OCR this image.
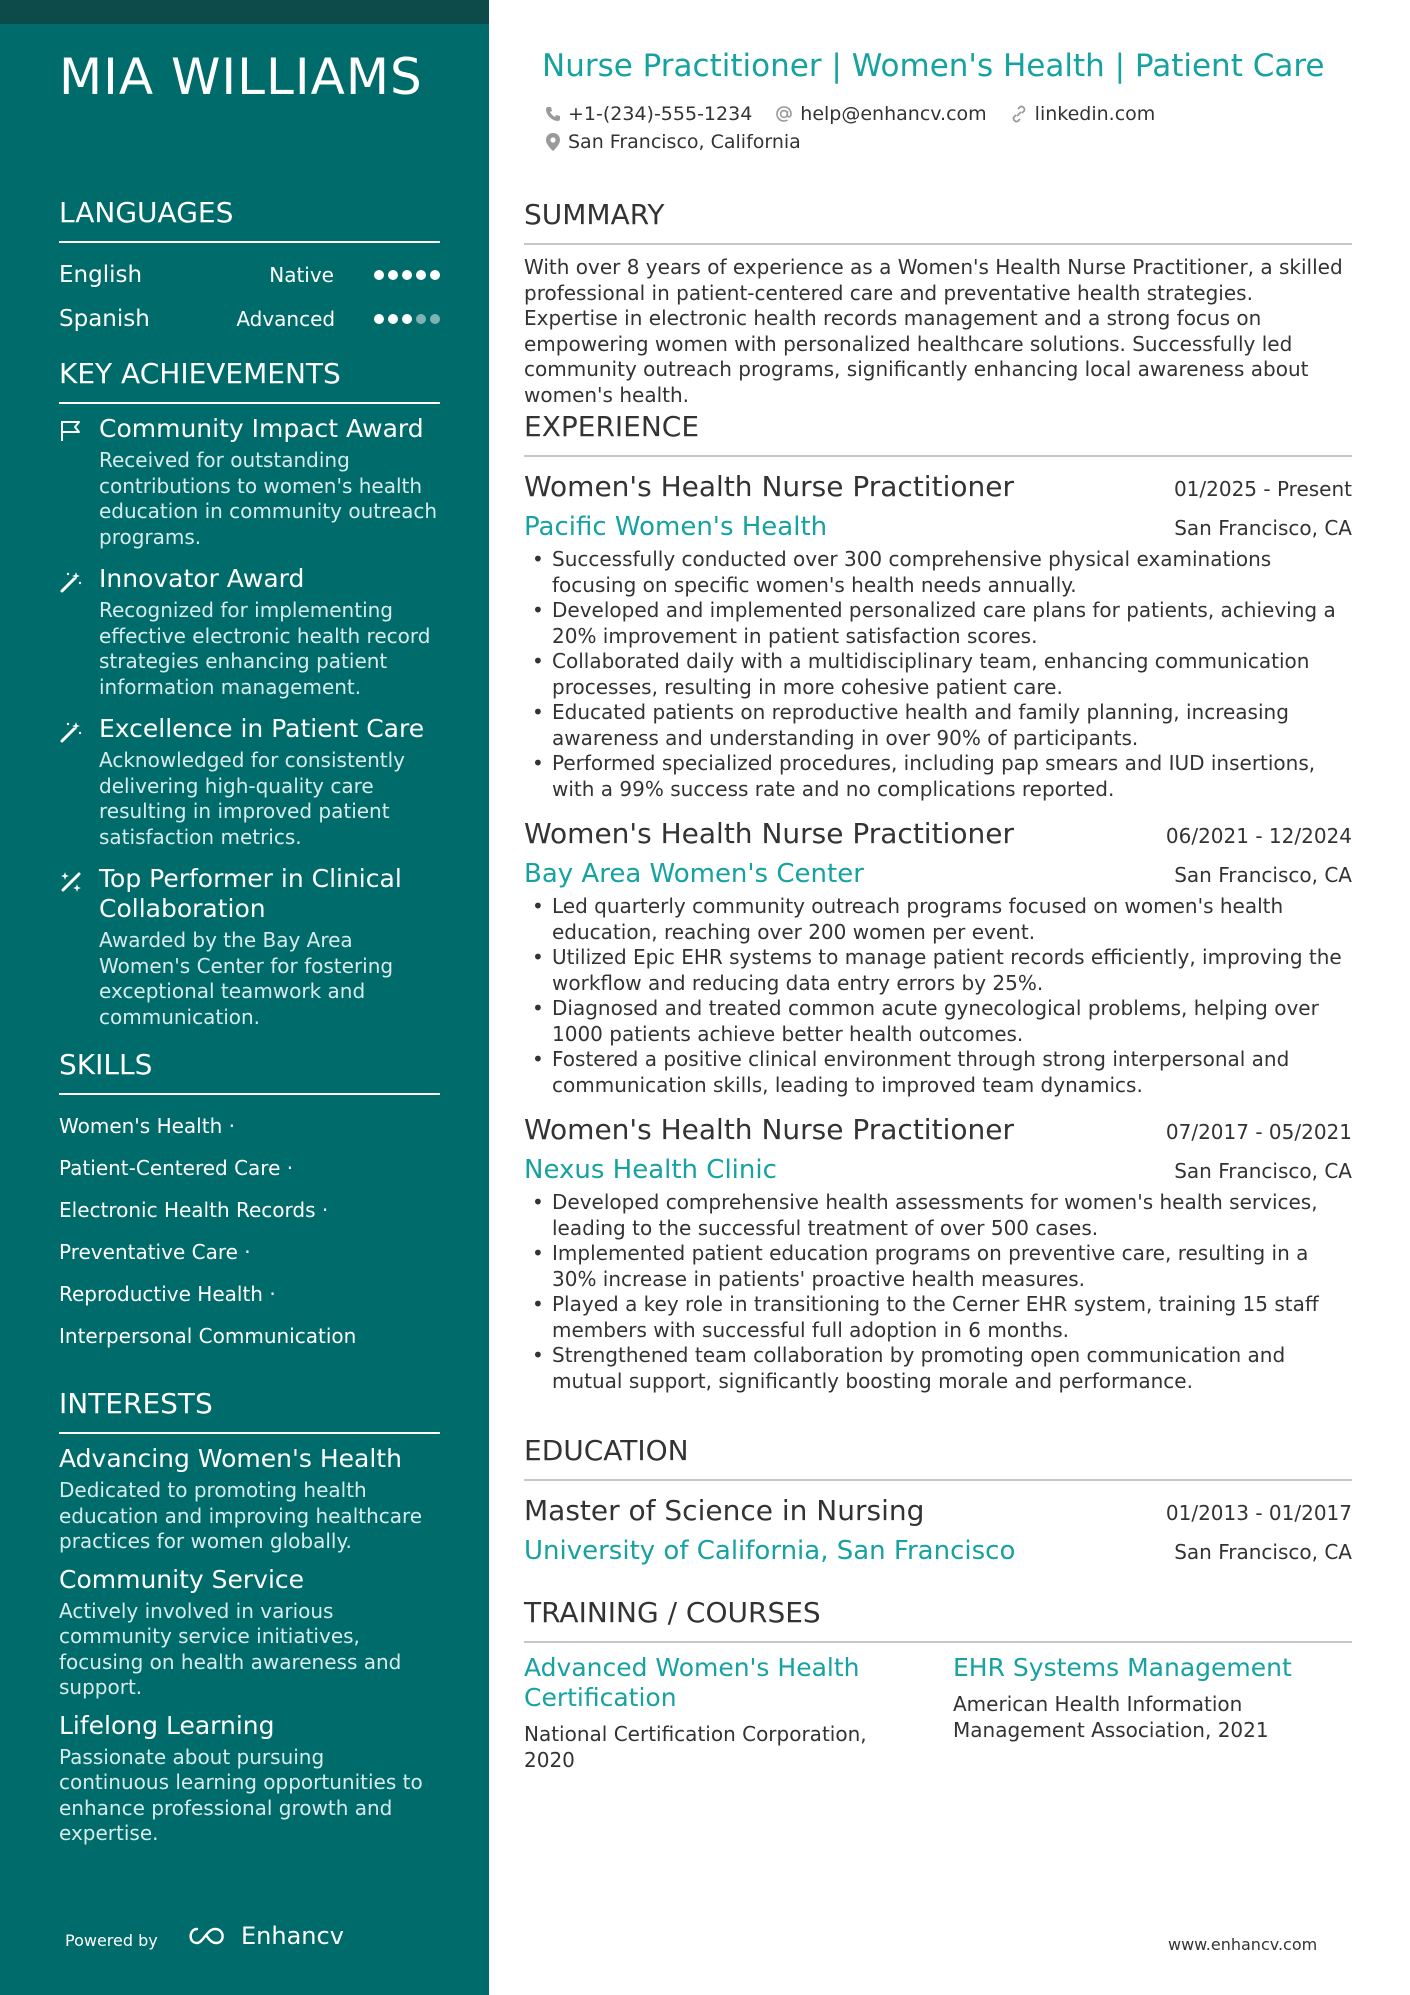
MIA WILLIAMS
LANGUAGES
English	Native
Spanish	Advanced
KEY ACHIEVEMENTS
Community Impact Award
Received for outstanding contributions to women's health education in community outreach programs.
Innovator Award
Recognized for implementing effective electronic health record strategies enhancing patient information management.
Excellence in Patient Care
Acknowledged for consistently delivering high-quality care resulting in improved patient satisfaction metrics.
Top Performer in Clinical Collaboration
Awarded by the Bay Area Women's Center for fostering exceptional teamwork and communication.
SKILLS
Women's Health ·
Patient-Centered Care ·
Electronic Health Records ·
Preventative Care ·
Reproductive Health ·
Interpersonal Communication
INTERESTS
Advancing Women's Health
Dedicated to promoting health education and improving healthcare practices for women globally.
Community Service
Actively involved in various community service initiatives, focusing on health awareness and support.
Lifelong Learning
Passionate about pursuing continuous learning opportunities to enhance professional growth and expertise.
Powered by	Enhancv
Nurse Practitioner | Women's Health | Patient Care
+1-(234)-555-1234	help@enhancv.com	linkedin.com
San Francisco, California
SUMMARY

With over 8 years of experience as a Women's Health Nurse Practitioner, a skilled professional in patient-centered care and preventative health strategies. Expertise in electronic health records management and a strong focus on empowering women with personalized healthcare solutions. Successfully led community outreach programs, significantly enhancing local awareness about women's health.

EXPERIENCE
Women's Health Nurse Practitioner	01/2025 - Present
Pacific Women's Health	San Francisco, CA
• Successfully conducted over 300 comprehensive physical examinations focusing on specific women's health needs annually.
• Developed and implemented personalized care plans for patients, achieving a 20% improvement in patient satisfaction scores.
• Collaborated daily with a multidisciplinary team, enhancing communication processes, resulting in more cohesive patient care.
• Educated patients on reproductive health and family planning, increasing awareness and understanding in over 90% of participants.
• Performed specialized procedures, including pap smears and IUD insertions, with a 99% success rate and no complications reported.
Women's Health Nurse Practitioner	06/2021 - 12/2024
Bay Area Women's Center	San Francisco, CA
• Led quarterly community outreach programs focused on women's health education, reaching over 200 women per event.
• Utilized Epic EHR systems to manage patient records efficiently, improving the workflow and reducing data entry errors by 25%.
• Diagnosed and treated common acute gynecological problems, helping over 1000 patients achieve better health outcomes.
• Fostered a positive clinical environment through strong interpersonal and communication skills, leading to improved team dynamics.
Women's Health Nurse Practitioner	07/2017 - 05/2021
Nexus Health Clinic	San Francisco, CA
• Developed comprehensive health assessments for women's health services, leading to the successful treatment of over 500 cases.
• Implemented patient education programs on preventive care, resulting in a 30% increase in patients' proactive health measures.
• Played a key role in transitioning to the Cerner EHR system, training 15 staff members with successful full adoption in 6 months.
• Strengthened team collaboration by promoting open communication and mutual support, significantly boosting morale and performance.
EDUCATION
Master of Science in Nursing	01/2013 - 01/2017
University of California, San Francisco	San Francisco, CA
TRAINING / COURSES
Advanced Women's Health Certification
National Certification Corporation, 2020
EHR Systems Management
American Health Information Management Association, 2021
www.enhancv.com
